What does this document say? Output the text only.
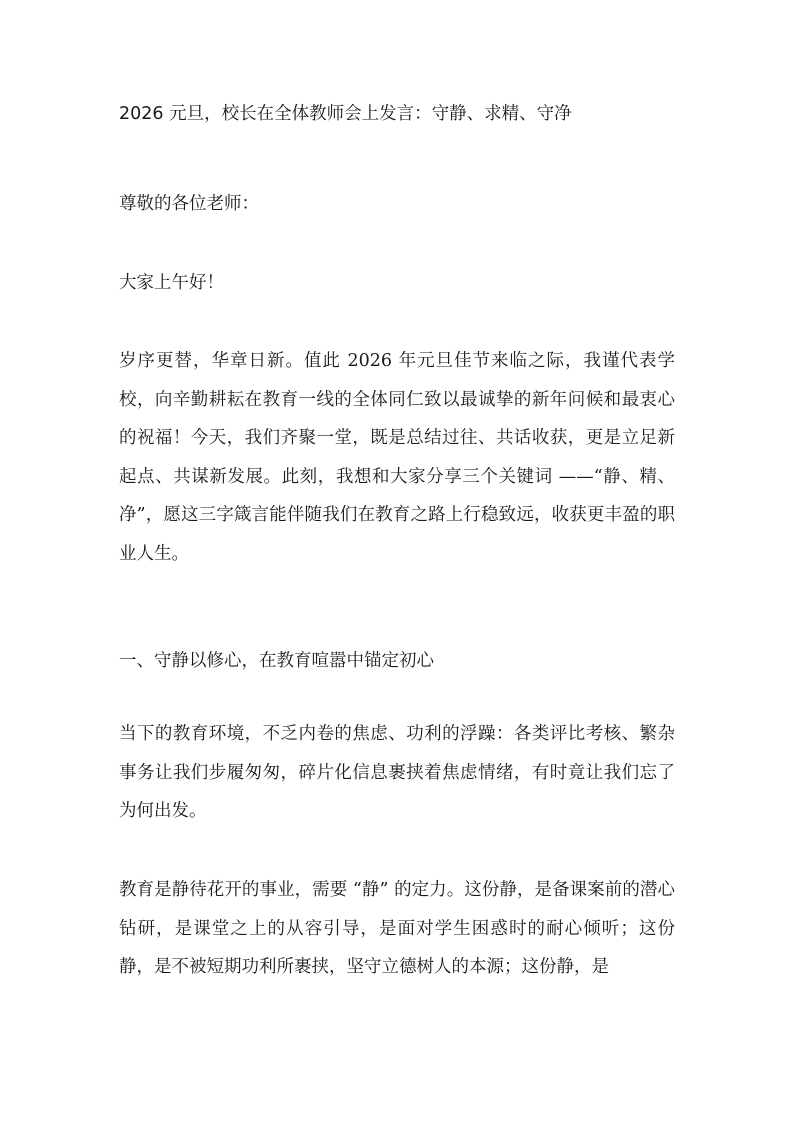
2026 元旦，校长在全体教师会上发言：守静、求精、守净
尊敬的各位老师：
大家上午好！
岁序更替，华章日新。值此 2026 年元旦佳节来临之际，我谨代表学校，向辛勤耕耘在教育一线的全体同仁致以最诚挚的新年问候和最衷心的祝福！今天，我们齐聚一堂，既是总结过往、共话收获，更是立足新起点、共谋新发展。此刻，我想和大家分享三个关键词 ——“静、精、净”，愿这三字箴言能伴随我们在教育之路上行稳致远，收获更丰盈的职业人生。
一、守静以修心，在教育喧嚣中锚定初心
当下的教育环境，不乏内卷的焦虑、功利的浮躁：各类评比考核、繁杂事务让我们步履匆匆，碎片化信息裹挟着焦虑情绪，有时竟让我们忘了为何出发。
教育是静待花开的事业，需要 “静” 的定力。这份静，是备课案前的潜心钻研，是课堂之上的从容引导，是面对学生困惑时的耐心倾听；这份静，是不被短期功利所裹挟，坚守立德树人的本源；这份静，是
